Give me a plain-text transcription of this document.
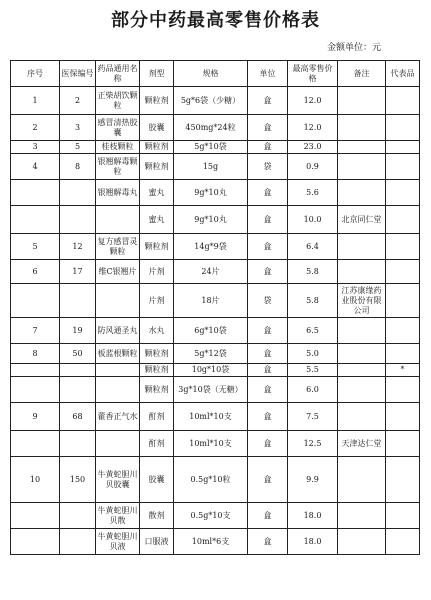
部分中药最高零售价格表
金额单位：元
序号	医保编号	药品通用名称	剂型	规格	单位	最高零售价格	备注	代表品
1	2	正柴胡饮颗粒	颗粒剂	5g*6袋（少糖）	盒	12.0		
2	3	感冒清热胶囊	胶囊	450mg*24粒	盒	12.0		
3	5	桂枝颗粒	颗粒剂	5g*10袋	盒	23.0		
4	8	银翘解毒颗粒	颗粒剂	15g	袋	0.9		
		银翘解毒丸	蜜丸	9g*10丸	盒	5.6		
			蜜丸	9g*10丸	盒	10.0	北京同仁堂	
5	12	复方感冒灵颗粒	颗粒剂	14g*9袋	盒	6.4		
6	17	维C银翘片	片剂	24片	盒	5.8		
			片剂	18片	袋	5.8	江苏康缘药业股份有限公司	
7	19	防风通圣丸	水丸	6g*10袋	盒	6.5		
8	50	板蓝根颗粒	颗粒剂	5g*12袋	盒	5.0		
			颗粒剂	10g*10袋	盒	5.5		*
			颗粒剂	3g*10袋（无糖）	盒	6.0		
9	68	藿香正气水	酊剂	10ml*10支	盒	7.5		
			酊剂	10ml*10支	盒	12.5	天津达仁堂	
10	150	牛黄蛇胆川贝胶囊	胶囊	0.5g*10粒	盒	9.9		
		牛黄蛇胆川贝散	散剂	0.5g*10支	盒	18.0		
		牛黄蛇胆川贝液	口服液	10ml*6支	盒	18.0		
